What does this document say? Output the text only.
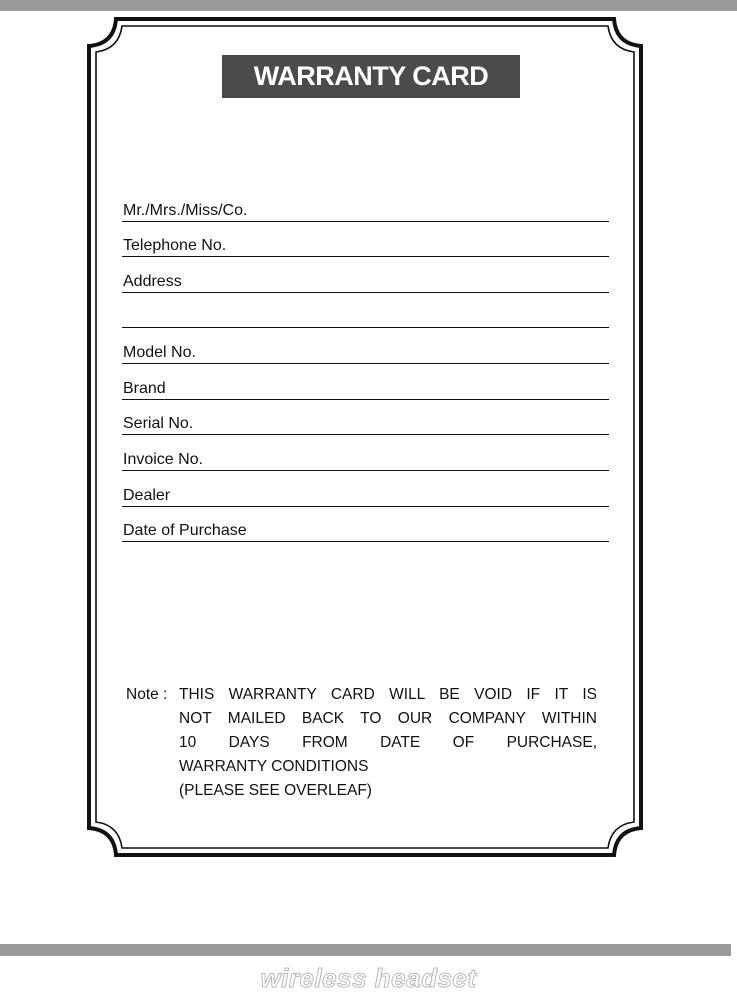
WARRANTY CARD
Mr./Mrs./Miss/Co.
Telephone No.
Address
Model No.
Brand
Serial No.
Invoice No.
Dealer
Date of Purchase
Note : THIS WARRANTY CARD WILL BE VOID IF IT IS
NOT MAILED BACK TO OUR COMPANY WITHIN
10 DAYS FROM DATE OF PURCHASE,
WARRANTY CONDITIONS
(PLEASE SEE OVERLEAF)
wireless headset
